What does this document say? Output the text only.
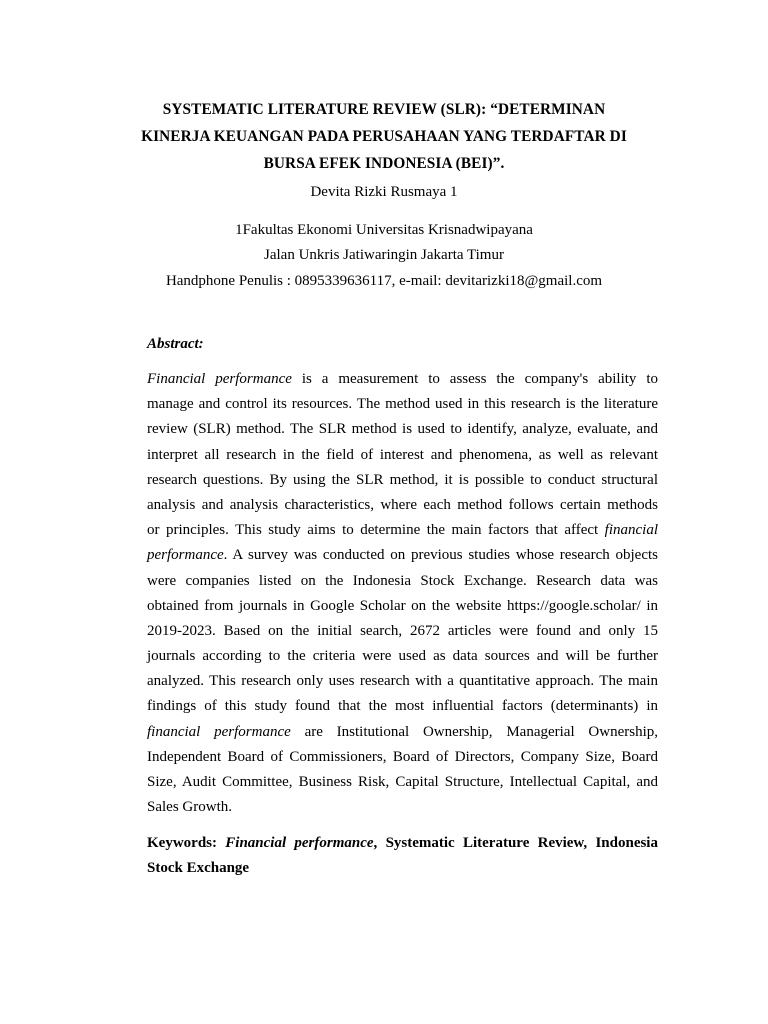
SYSTEMATIC LITERATURE REVIEW (SLR): “DETERMINAN
KINERJA KEUANGAN PADA PERUSAHAAN YANG TERDAFTAR DI
BURSA EFEK INDONESIA (BEI)”.
Devita Rizki Rusmaya 1
1Fakultas Ekonomi Universitas Krisnadwipayana
Jalan Unkris Jatiwaringin Jakarta Timur
Handphone Penulis : 0895339636117, e-mail: devitarizki18@gmail.com
Abstract:
Financial performance is a measurement to assess the company's ability to
manage and control its resources. The method used in this research is the literature
review (SLR) method. The SLR method is used to identify, analyze, evaluate, and
interpret all research in the field of interest and phenomena, as well as relevant
research questions. By using the SLR method, it is possible to conduct structural
analysis and analysis characteristics, where each method follows certain methods
or principles. This study aims to determine the main factors that affect financial
performance. A survey was conducted on previous studies whose research objects
were companies listed on the Indonesia Stock Exchange. Research data was
obtained from journals in Google Scholar on the website https://google.scholar/ in
2019-2023. Based on the initial search, 2672 articles were found and only 15
journals according to the criteria were used as data sources and will be further
analyzed. This research only uses research with a quantitative approach. The main
findings of this study found that the most influential factors (determinants) in
financial performance are Institutional Ownership, Managerial Ownership,
Independent Board of Commissioners, Board of Directors, Company Size, Board
Size, Audit Committee, Business Risk, Capital Structure, Intellectual Capital, and
Sales Growth.
Keywords: Financial performance, Systematic Literature Review, Indonesia
Stock Exchange
